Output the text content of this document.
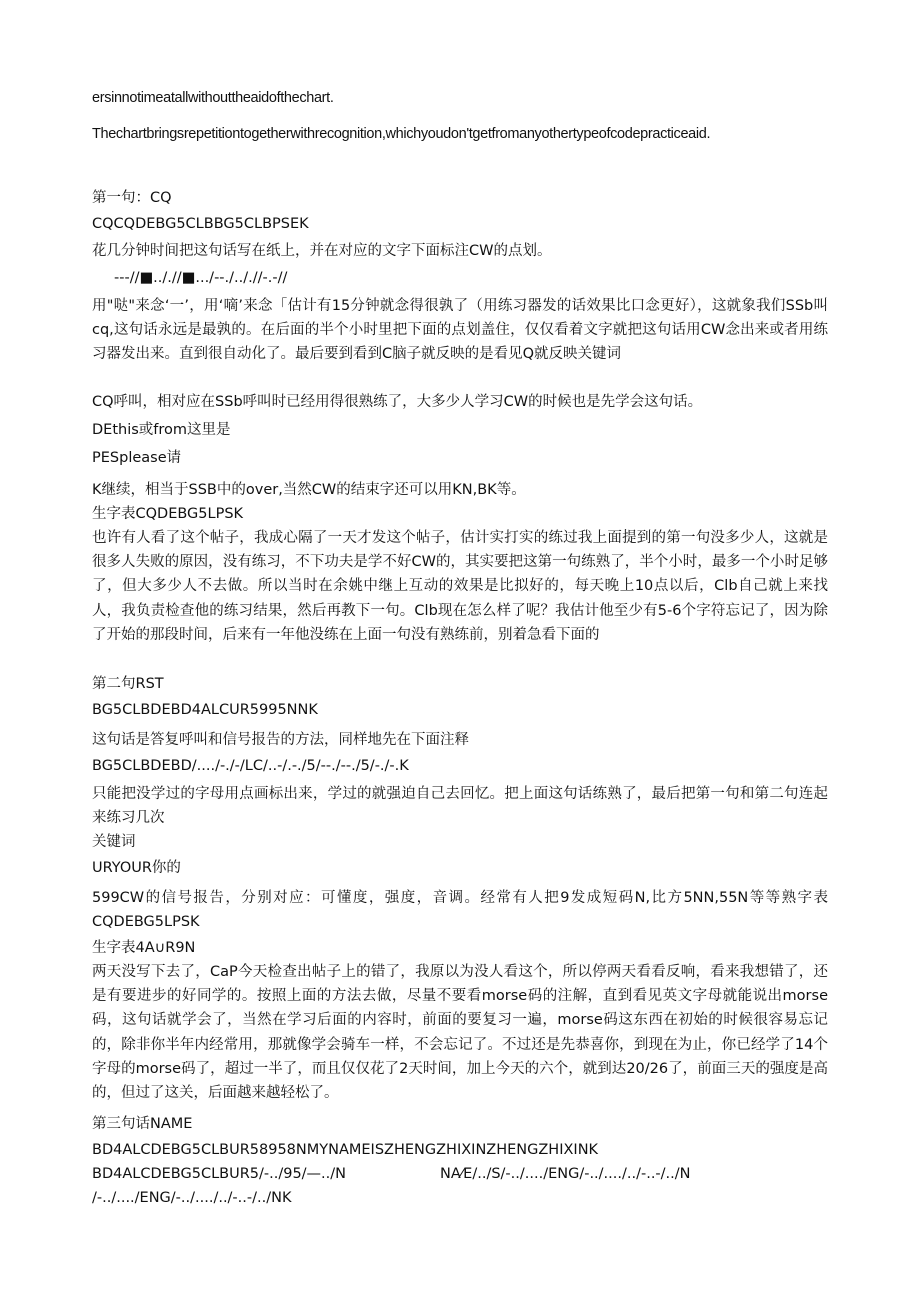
ersinnotimeatallwithouttheaidofthechart.
Thechartbringsrepetitiontogetherwithrecognition,whichyoudon'tgetfromanyothertypeofcodepracticeaid.
第一句：CQ
CQCQDEBG5CLBBG5CLBPSEK
花几分钟时间把这句话写在纸上，并在对应的文字下面标注CW的点划。
---//■.././/■.../--./.././/-.-//
用"哒"来念‘一’，用‘嘀’来念「估计有15分钟就念得很孰了（用练习器发的话效果比口念更好），这就象我们SSb叫cq,这句话永远是最孰的。在后面的半个小时里把下面的点划盖住，仅仅看着文字就把这句话用CW念出来或者用练习器发出来。直到很自动化了。最后要到看到C脑子就反映的是看见Q就反映关键词
CQ呼叫，相对应在SSb呼叫时已经用得很熟练了，大多少人学习CW的时候也是先学会这句话。
DEthis或from这里是
PESplease请
K继续，相当于SSB中的over,当然CW的结束字还可以用KN,BK等。
生字表CQDEBG5LPSK
也许有人看了这个帖子，我成心隔了一天才发这个帖子，估计实打实的练过我上面提到的第一句没多少人，这就是很多人失败的原因，没有练习，不下功夫是学不好CW的，其实要把这第一句练熟了，半个小时，最多一个小时足够了，但大多少人不去做。所以当时在余姚中继上互动的效果是比拟好的，每天晚上10点以后，Clb自己就上来找人，我负责检查他的练习结果，然后再教下一句。Clb现在怎么样了呢？我估计他至少有5-6个字符忘记了，因为除了开始的那段时间，后来有一年他没练在上面一句没有熟练前，别着急看下面的
第二句RST
BG5CLBDEBD4ALCUR5995NNK
这句话是答复呼叫和信号报告的方法，同样地先在下面注释
BG5CLBDEBD/..../-./-/LC/..-/.-./5/--./--./5/-./-.K
只能把没学过的字母用点画标出来，学过的就强迫自己去回忆。把上面这句话练熟了，最后把第一句和第二句连起来练习几次
关键词
URYOUR你的
599CW的信号报告，分别对应：可懂度，强度，音调。经常有人把9发成短码N,比方5NN,55N等等熟字表CQDEBG5LPSK
生字表4A∪R9N
两天没写下去了，CaP今天检查出帖子上的错了，我原以为没人看这个，所以停两天看看反响，看来我想错了，还是有要进步的好同学的。按照上面的方法去做，尽量不要看morse码的注解，直到看见英文字母就能说出morse码，这句话就学会了，当然在学习后面的内容时，前面的要复习一遍，morse码这东西在初始的时候很容易忘记的，除非你半年内经常用，那就像学会骑车一样，不会忘记了。不过还是先恭喜你，到现在为止，你已经学了14个字母的morse码了，超过一半了，而且仅仅花了2天时间，加上今天的六个，就到达20/26了，前面三天的强度是高的，但过了这关，后面越来越轻松了。
第三句话NAME
BD4ALCDEBG5CLBUR58958NMYNAMEISZHENGZHIXINZHENGZHIXINK
BD4ALCDEBG5CLBUR5/-../95/—../N	NA⁄E/../S/-../..../ENG/-../..../../-..-/../N
/-../..../ENG/-../..../../-..-/../NK
